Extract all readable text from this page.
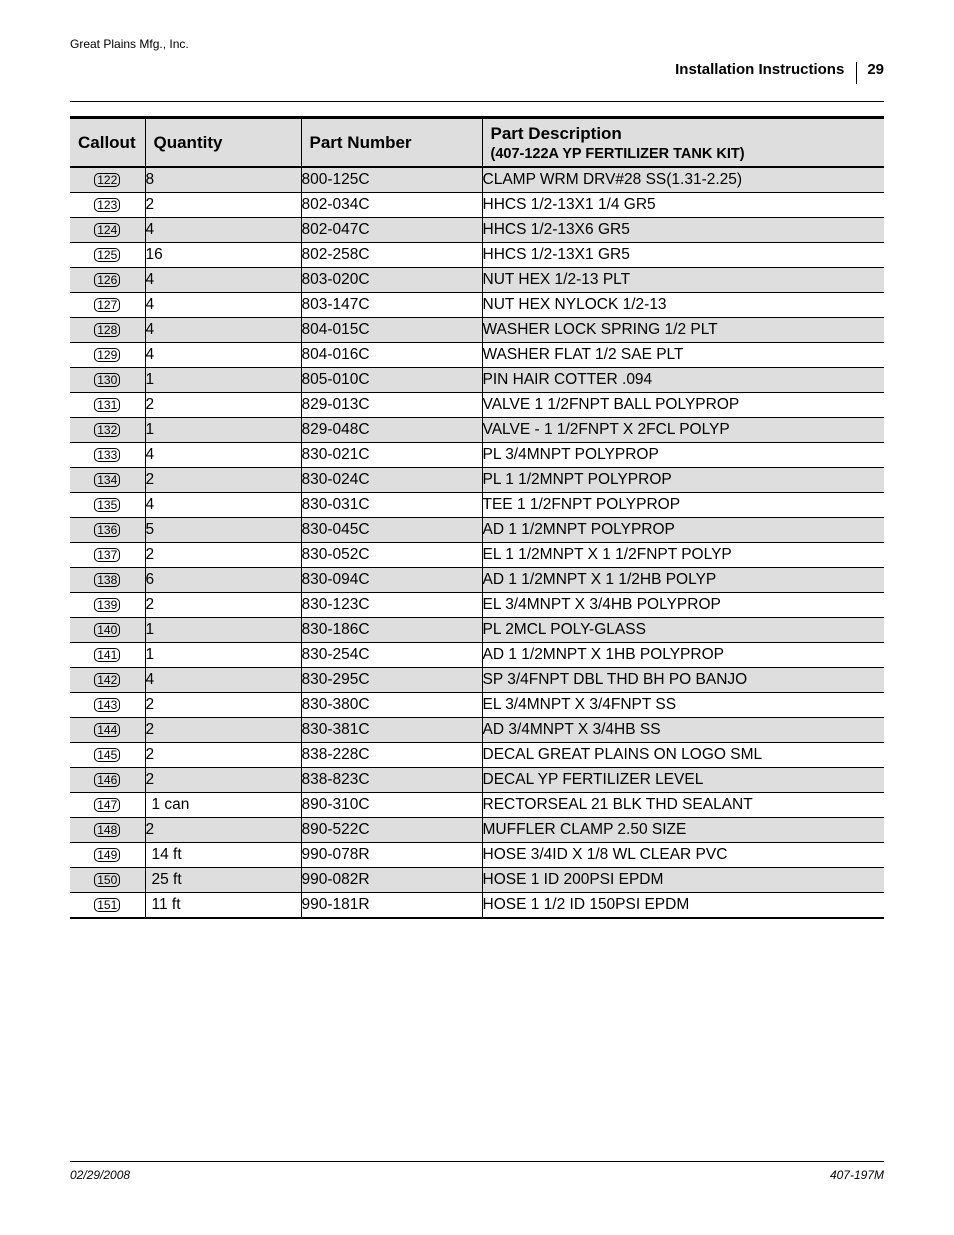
Great Plains Mfg., Inc.
Installation Instructions 29
Callout	Quantity	Part Number	Part Description
(407-122A YP FERTILIZER TANK KIT)

122	8	800-125C	CLAMP WRM DRV#28 SS(1.31-2.25)
123	2	802-034C	HHCS 1/2-13X1 1/4 GR5
124	4	802-047C	HHCS 1/2-13X6 GR5
125	16	802-258C	HHCS 1/2-13X1 GR5
126	4	803-020C	NUT HEX 1/2-13 PLT
127	4	803-147C	NUT HEX NYLOCK 1/2-13
128	4	804-015C	WASHER LOCK SPRING 1/2 PLT
129	4	804-016C	WASHER FLAT 1/2 SAE PLT
130	1	805-010C	PIN HAIR COTTER .094
131	2	829-013C	VALVE 1 1/2FNPT BALL POLYPROP
132	1	829-048C	VALVE - 1 1/2FNPT X 2FCL POLYP
133	4	830-021C	PL 3/4MNPT POLYPROP
134	2	830-024C	PL 1 1/2MNPT POLYPROP
135	4	830-031C	TEE 1 1/2FNPT POLYPROP
136	5	830-045C	AD 1 1/2MNPT POLYPROP
137	2	830-052C	EL 1 1/2MNPT X 1 1/2FNPT POLYP
138	6	830-094C	AD 1 1/2MNPT X 1 1/2HB POLYP
139	2	830-123C	EL 3/4MNPT X 3/4HB POLYPROP
140	1	830-186C	PL 2MCL POLY-GLASS
141	1	830-254C	AD 1 1/2MNPT X 1HB POLYPROP
142	4	830-295C	SP 3/4FNPT DBL THD BH PO BANJO
143	2	830-380C	EL 3/4MNPT X 3/4FNPT SS
144	2	830-381C	AD 3/4MNPT X 3/4HB SS
145	2	838-228C	DECAL GREAT PLAINS ON LOGO SML
146	2	838-823C	DECAL YP FERTILIZER LEVEL
147	1 can	890-310C	RECTORSEAL 21 BLK THD SEALANT
148	2	890-522C	MUFFLER CLAMP 2.50 SIZE
149	14 ft	990-078R	HOSE 3/4ID X 1/8 WL CLEAR PVC
150	25 ft	990-082R	HOSE 1 ID 200PSI EPDM
151	11 ft	990-181R	HOSE 1 1/2 ID 150PSI EPDM
02/29/2008	407-197M
